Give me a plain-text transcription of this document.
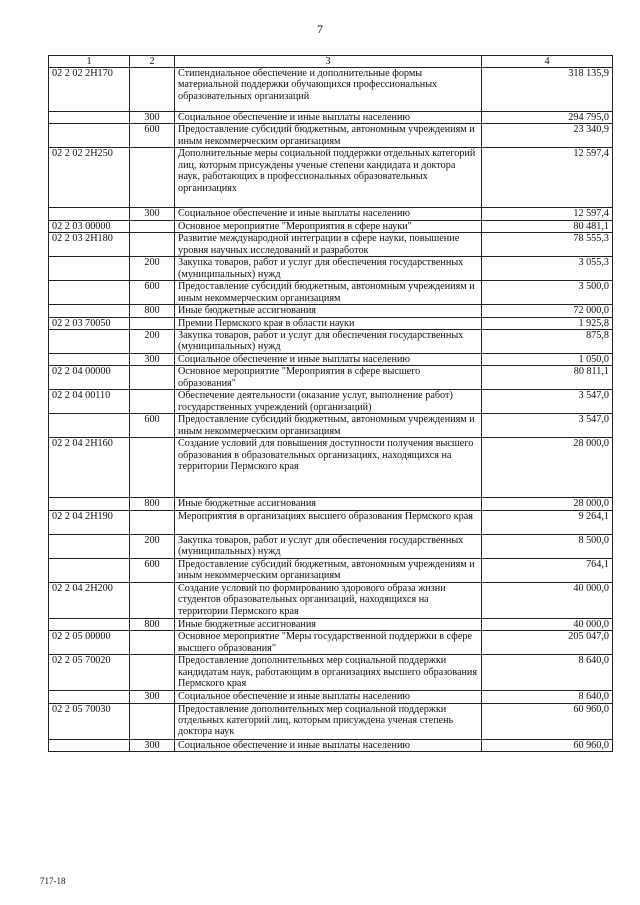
7
1	2	3	4
02 2 02 2Н170		Стипендиальное обеспечение и дополнительные формы материальной поддержки обучающихся профессиональных образовательных организаций	318 135,9
	300	Социальное обеспечение и иные выплаты населению	294 795,0
	600	Предоставление субсидий бюджетным, автономным учреждениям и иным некоммерческим организациям	23 340,9
02 2 02 2Н250		Дополнительные меры социальной поддержки отдельных категорий лиц, которым присуждены ученые степени кандидата и доктора наук, работающих в профессиональных образовательных организациях	12 597,4
	300	Социальное обеспечение и иные выплаты населению	12 597,4
02 2 03 00000		Основное мероприятие "Мероприятия в сфере науки"	80 481,1
02 2 03 2Н180		Развитие международной интеграции в сфере науки, повышение уровня научных исследований и разработок	78 555,3
	200	Закупка товаров, работ и услуг для обеспечения государственных (муниципальных) нужд	3 055,3
	600	Предоставление субсидий бюджетным, автономным учреждениям и иным некоммерческим организациям	3 500,0
	800	Иные бюджетные ассигнования	72 000,0
02 2 03 70050		Премии Пермского края в области науки	1 925,8
	200	Закупка товаров, работ и услуг для обеспечения государственных (муниципальных) нужд	875,8
	300	Социальное обеспечение и иные выплаты населению	1 050,0
02 2 04 00000		Основное мероприятие "Мероприятия в сфере высшего образования"	80 811,1
02 2 04 00110		Обеспечение деятельности (оказание услуг, выполнение работ) государственных учреждений (организаций)	3 547,0
	600	Предоставление субсидий бюджетным, автономным учреждениям и иным некоммерческим организациям	3 547,0
02 2 04 2Н160		Создание условий для повышения доступности получения высшего образования в образовательных организациях, находящихся на территории Пермского края	28 000,0
	800	Иные бюджетные ассигнования	28 000,0
02 2 04 2Н190		Мероприятия в организациях высшего образования Пермского края	9 264,1
	200	Закупка товаров, работ и услуг для обеспечения государственных (муниципальных) нужд	8 500,0
	600	Предоставление субсидий бюджетным, автономным учреждениям и иным некоммерческим организациям	764,1
02 2 04 2Н200		Создание условий по формированию здорового образа жизни студентов образовательных организаций, находящихся на территории Пермского края	40 000,0
	800	Иные бюджетные ассигнования	40 000,0
02 2 05 00000		Основное мероприятие "Меры государственной поддержки в сфере высшего образования"	205 047,0
02 2 05 70020		Предоставление дополнительных мер социальной поддержки кандидатам наук, работающим в организациях высшего образования Пермского края	8 640,0
	300	Социальное обеспечение и иные выплаты населению	8 640,0
02 2 05 70030		Предоставление дополнительных мер социальной поддержки отдельных категорий лиц, которым присуждена ученая степень доктора наук	60 960,0
	300	Социальное обеспечение и иные выплаты населению	60 960,0
717-18
